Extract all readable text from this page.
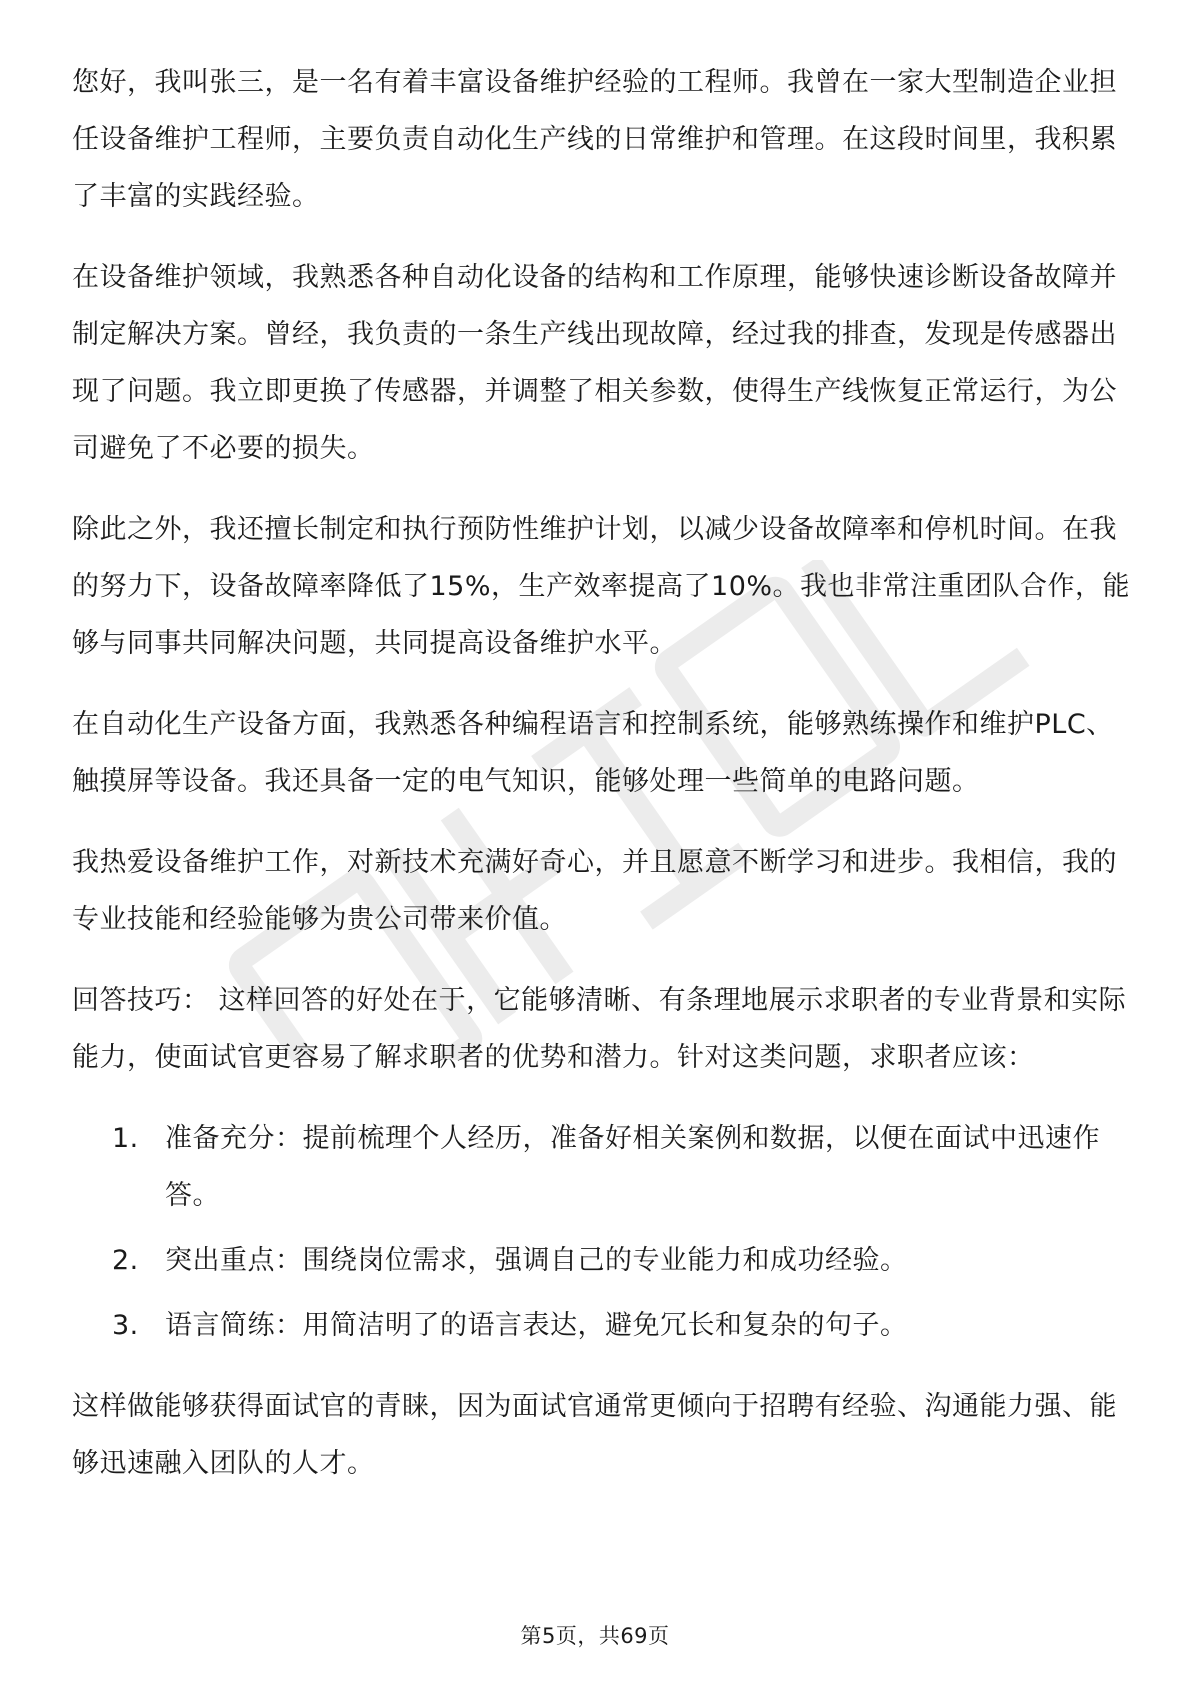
您好，我叫张三，是一名有着丰富设备维护经验的工程师。我曾在一家大型制造企业担任设备维护工程师，主要负责自动化生产线的日常维护和管理。在这段时间里，我积累了丰富的实践经验。

在设备维护领域，我熟悉各种自动化设备的结构和工作原理，能够快速诊断设备故障并制定解决方案。曾经，我负责的一条生产线出现故障，经过我的排查，发现是传感器出现了问题。我立即更换了传感器，并调整了相关参数，使得生产线恢复正常运行，为公司避免了不必要的损失。

除此之外，我还擅长制定和执行预防性维护计划，以减少设备故障率和停机时间。在我的努力下，设备故障率降低了15%，生产效率提高了10%。我也非常注重团队合作，能够与同事共同解决问题，共同提高设备维护水平。

在自动化生产设备方面，我熟悉各种编程语言和控制系统，能够熟练操作和维护PLC、触摸屏等设备。我还具备一定的电气知识，能够处理一些简单的电路问题。

我热爱设备维护工作，对新技术充满好奇心，并且愿意不断学习和进步。我相信，我的专业技能和经验能够为贵公司带来价值。

回答技巧： 这样回答的好处在于，它能够清晰、有条理地展示求职者的专业背景和实际能力，使面试官更容易了解求职者的优势和潜力。针对这类问题，求职者应该：

1. 准备充分：提前梳理个人经历，准备好相关案例和数据，以便在面试中迅速作答。
2. 突出重点：围绕岗位需求，强调自己的专业能力和成功经验。
3. 语言简练：用简洁明了的语言表达，避免冗长和复杂的句子。

这样做能够获得面试官的青睐，因为面试官通常更倾向于招聘有经验、沟通能力强、能够迅速融入团队的人才。

第5页，共69页
